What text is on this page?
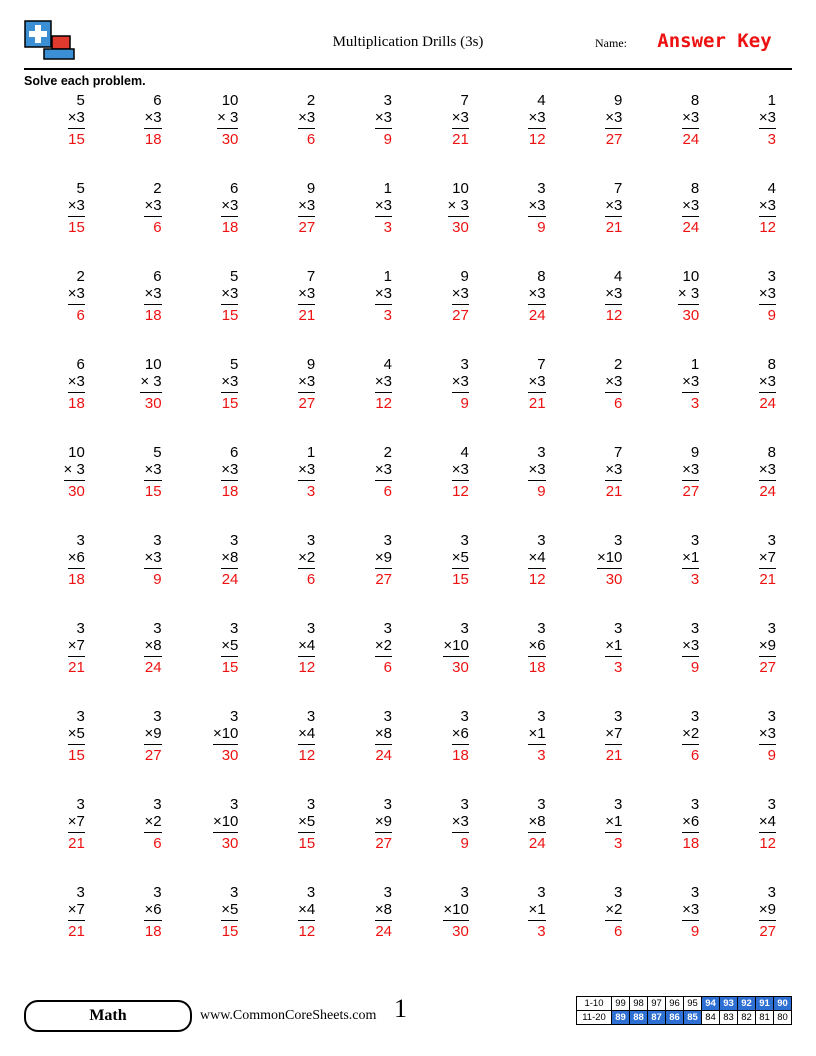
Multiplication Drills (3s)	Name:	Answer Key
Solve each problem.
5
×3
15
6
×3
18
10
× 3
30
2
×3
6
3
×3
9
7
×3
21
4
×3
12
9
×3
27
8
×3
24
1
×3
3
5
×3
15
2
×3
6
6
×3
18
9
×3
27
1
×3
3
10
× 3
30
3
×3
9
7
×3
21
8
×3
24
4
×3
12
2
×3
6
6
×3
18
5
×3
15
7
×3
21
1
×3
3
9
×3
27
8
×3
24
4
×3
12
10
× 3
30
3
×3
9
6
×3
18
10
× 3
30
5
×3
15
9
×3
27
4
×3
12
3
×3
9
7
×3
21
2
×3
6
1
×3
3
8
×3
24
10
× 3
30
5
×3
15
6
×3
18
1
×3
3
2
×3
6
4
×3
12
3
×3
9
7
×3
21
9
×3
27
8
×3
24
3
×6
18
3
×3
9
3
×8
24
3
×2
6
3
×9
27
3
×5
15
3
×4
12
3
×10
30
3
×1
3
3
×7
21
3
×7
21
3
×8
24
3
×5
15
3
×4
12
3
×2
6
3
×10
30
3
×6
18
3
×1
3
3
×3
9
3
×9
27
3
×5
15
3
×9
27
3
×10
30
3
×4
12
3
×8
24
3
×6
18
3
×1
3
3
×7
21
3
×2
6
3
×3
9
3
×7
21
3
×2
6
3
×10
30
3
×5
15
3
×9
27
3
×3
9
3
×8
24
3
×1
3
3
×6
18
3
×4
12
3
×7
21
3
×6
18
3
×5
15
3
×4
12
3
×8
24
3
×10
30
3
×1
3
3
×2
6
3
×3
9
3
×9
27
Math	www.CommonCoreSheets.com 1	1-10	99	98	97	96	95	94	93	92	91	90
11-20	89	88	87	86	85	84	83	82	81	80
